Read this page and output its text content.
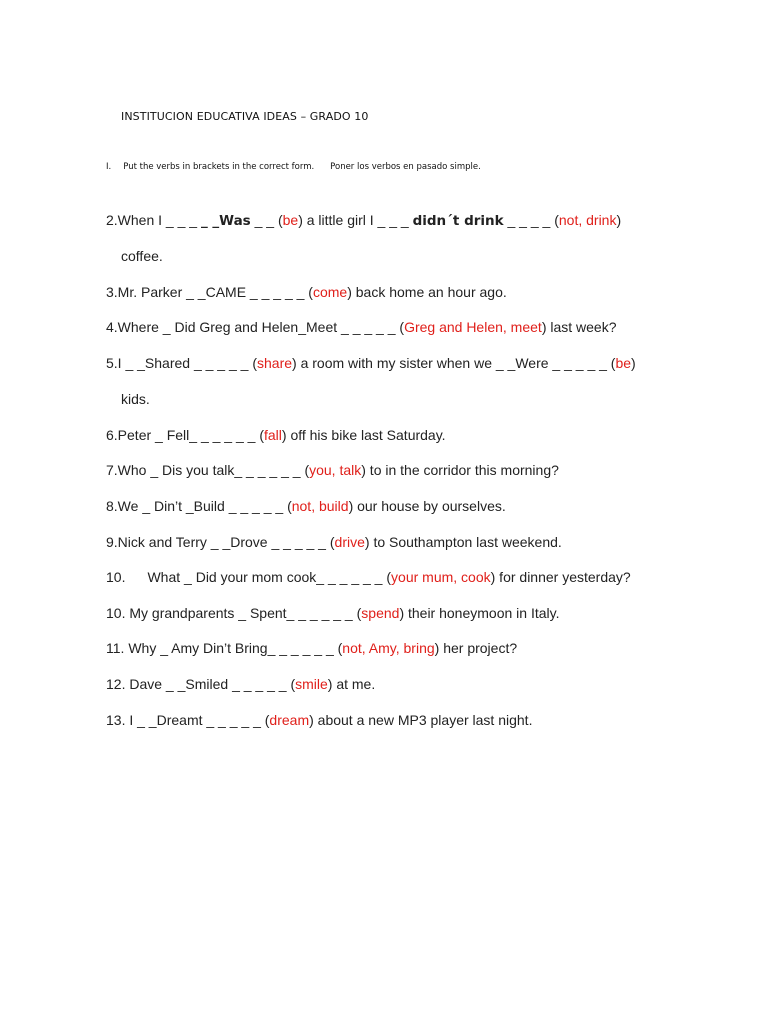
INSTITUCION EDUCATIVA IDEAS – GRADO 10
I. Put the verbs in brackets in the correct form. Poner los verbos en pasado simple.
2.When I _ _ _ _ _Was _ _ (be) a little girl I _ _ _ didn´t drink _ _ _ _ (not, drink)
coffee.
3.Mr. Parker _ _CAME _ _ _ _ _ (come) back home an hour ago.
4.Where _ Did Greg and Helen_Meet _ _ _ _ _ (Greg and Helen, meet) last week?
5.I _ _Shared _ _ _ _ _ (share) a room with my sister when we _ _Were _ _ _ _ _ (be)
kids.
6.Peter _ Fell_ _ _ _ _ _ (fall) off his bike last Saturday.
7.Who _ Dis you talk_ _ _ _ _ _ (you, talk) to in the corridor this morning?
8.We _ Din’t _Build _ _ _ _ _ (not, build) our house by ourselves.
9.Nick and Terry _ _Drove _ _ _ _ _ (drive) to Southampton last weekend.
10. What _ Did your mom cook_ _ _ _ _ _ (your mum, cook) for dinner yesterday?
10. My grandparents _ Spent_ _ _ _ _ _ (spend) their honeymoon in Italy.
11. Why _ Amy Din’t Bring_ _ _ _ _ _ (not, Amy, bring) her project?
12. Dave _ _Smiled _ _ _ _ _ (smile) at me.
13. I _ _Dreamt _ _ _ _ _ (dream) about a new MP3 player last night.
